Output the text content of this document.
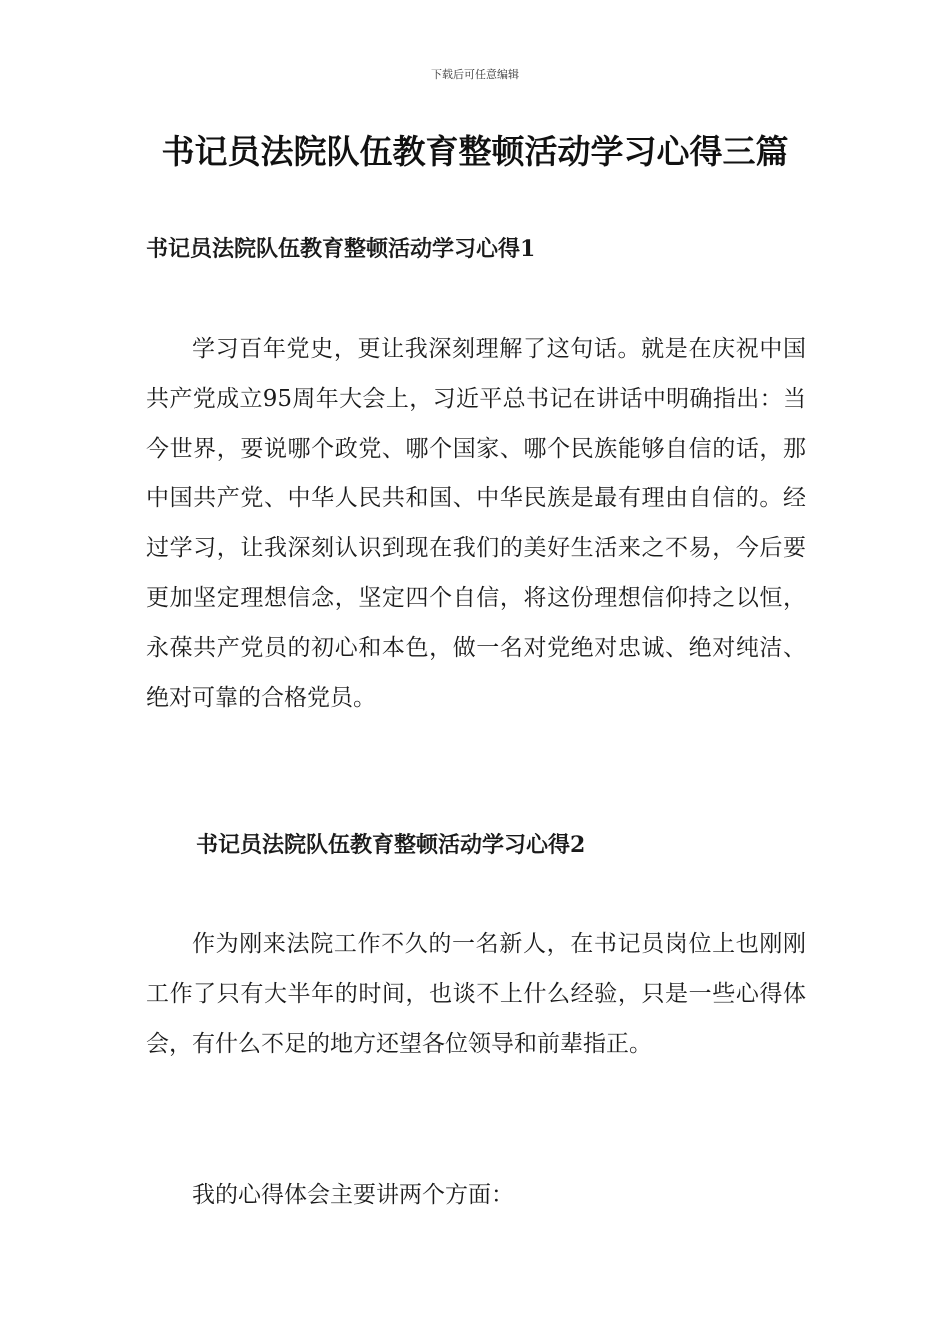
下载后可任意编辑
书记员法院队伍教育整顿活动学习心得三篇
书记员法院队伍教育整顿活动学习心得1

学习百年党史，更让我深刻理解了这句话。就是在庆祝中国共产党成立95周年大会上，习近平总书记在讲话中明确指出：当今世界，要说哪个政党、哪个国家、哪个民族能够自信的话，那中国共产党、中华人民共和国、中华民族是最有理由自信的。经过学习，让我深刻认识到现在我们的美好生活来之不易，今后要更加坚定理想信念，坚定四个自信，将这份理想信仰持之以恒，永葆共产党员的初心和本色，做一名对党绝对忠诚、绝对纯洁、绝对可靠的合格党员。

书记员法院队伍教育整顿活动学习心得2

作为刚来法院工作不久的一名新人，在书记员岗位上也刚刚工作了只有大半年的时间，也谈不上什么经验，只是一些心得体会，有什么不足的地方还望各位领导和前辈指正。

我的心得体会主要讲两个方面：
